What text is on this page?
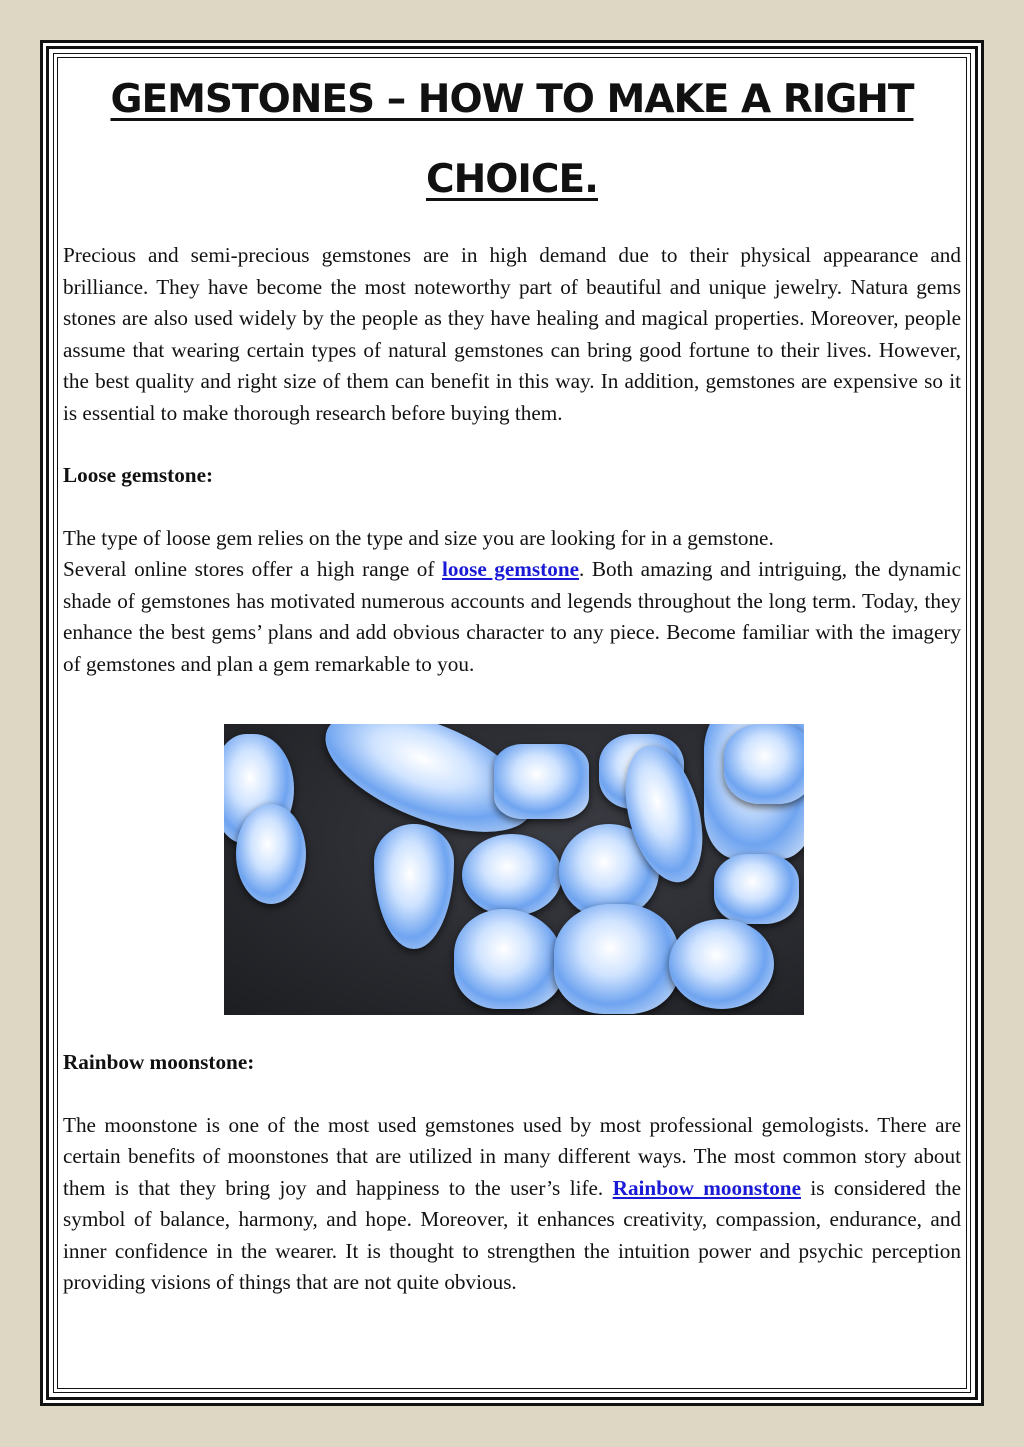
GEMSTONES – HOW TO MAKE A RIGHT
CHOICE.

Precious and semi-precious gemstones are in high demand due to their physical appearance and brilliance. They have become the most noteworthy part of beautiful and unique jewelry. Natura gems stones are also used widely by the people as they have healing and magical properties. Moreover, people assume that wearing certain types of natural gemstones can bring good fortune to their lives. However, the best quality and right size of them can benefit in this way. In addition, gemstones are expensive so it is essential to make thorough research before buying them.

Loose gemstone:
The type of loose gem relies on the type and size you are looking for in a gemstone.

Several online stores offer a high range of loose gemstone. Both amazing and intriguing, the dynamic shade of gemstones has motivated numerous accounts and legends throughout the long term. Today, they enhance the best gems’ plans and add obvious character to any piece. Become familiar with the imagery of gemstones and plan a gem remarkable to you.

Rainbow moonstone:

The moonstone is one of the most used gemstones used by most professional gemologists. There are certain benefits of moonstones that are utilized in many different ways. The most common story about them is that they bring joy and happiness to the user’s life. Rainbow moonstone is considered the symbol of balance, harmony, and hope. Moreover, it enhances creativity, compassion, endurance, and inner confidence in the wearer. It is thought to strengthen the intuition power and psychic perception providing visions of things that are not quite obvious.
